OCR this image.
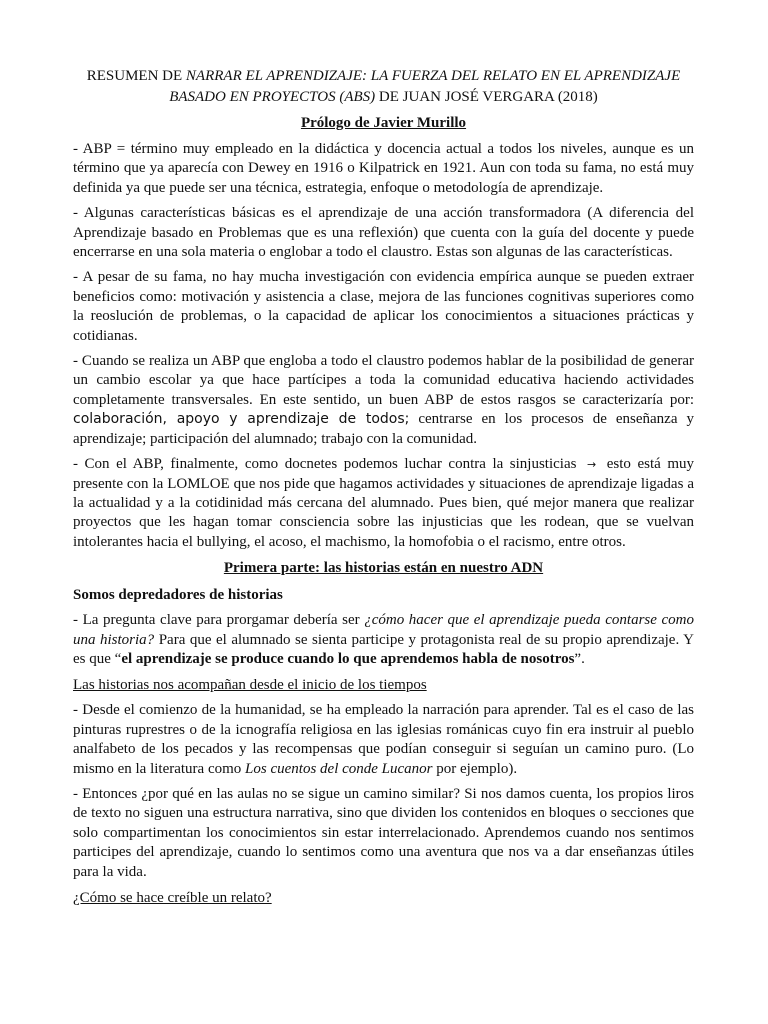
RESUMEN DE NARRAR EL APRENDIZAJE: LA FUERZA DEL RELATO EN EL APRENDIZAJE BASADO EN PROYECTOS (ABS) DE JUAN JOSÉ VERGARA (2018)
Prólogo de Javier Murillo

- ABP = término muy empleado en la didáctica y docencia actual a todos los niveles, aunque es un término que ya aparecía con Dewey en 1916 o Kilpatrick en 1921. Aun con toda su fama, no está muy definida ya que puede ser una técnica, estrategia, enfoque o metodología de aprendizaje.

- Algunas características básicas es el aprendizaje de una acción transformadora (A diferencia del Aprendizaje basado en Problemas que es una reflexión) que cuenta con la guía del docente y puede encerrarse en una sola materia o englobar a todo el claustro. Estas son algunas de las características.

- A pesar de su fama, no hay mucha investigación con evidencia empírica aunque se pueden extraer beneficios como: motivación y asistencia a clase, mejora de las funciones cognitivas superiores como la reoslución de problemas, o la capacidad de aplicar los conocimientos a situaciones prácticas y cotidianas.

- Cuando se realiza un ABP que engloba a todo el claustro podemos hablar de la posibilidad de generar un cambio escolar ya que hace partícipes a toda la comunidad educativa haciendo actividades completamente transversales. En este sentido, un buen ABP de estos rasgos se caracterizaría por: colaboración, apoyo y aprendizaje de todos; centrarse en los procesos de enseñanza y aprendizaje; participación del alumnado; trabajo con la comunidad.

- Con el ABP, finalmente, como docnetes podemos luchar contra la sinjusticias → esto está muy presente con la LOMLOE que nos pide que hagamos actividades y situaciones de aprendizaje ligadas a la actualidad y a la cotidinidad más cercana del alumnado. Pues bien, qué mejor manera que realizar proyectos que les hagan tomar consciencia sobre las injusticias que les rodean, que se vuelvan intolerantes hacia el bullying, el acoso, el machismo, la homofobia o el racismo, entre otros.

Primera parte: las historias están en nuestro ADN
Somos depredadores de historias

- La pregunta clave para prorgamar debería ser ¿cómo hacer que el aprendizaje pueda contarse como una historia? Para que el alumnado se sienta participe y protagonista real de su propio aprendizaje. Y es que “el aprendizaje se produce cuando lo que aprendemos habla de nosotros”.

Las historias nos acompañan desde el inicio de los tiempos

- Desde el comienzo de la humanidad, se ha empleado la narración para aprender. Tal es el caso de las pinturas ruprestres o de la icnografía religiosa en las iglesias románicas cuyo fin era instruir al pueblo analfabeto de los pecados y las recompensas que podían conseguir si seguían un camino puro. (Lo mismo en la literatura como Los cuentos del conde Lucanor por ejemplo).

- Entonces ¿por qué en las aulas no se sigue un camino similar? Si nos damos cuenta, los propios liros de texto no siguen una estructura narrativa, sino que dividen los contenidos en bloques o secciones que solo compartimentan los conocimientos sin estar interrelacionado. Aprendemos cuando nos sentimos participes del aprendizaje, cuando lo sentimos como una aventura que nos va a dar enseñanzas útiles para la vida.

¿Cómo se hace creíble un relato?
